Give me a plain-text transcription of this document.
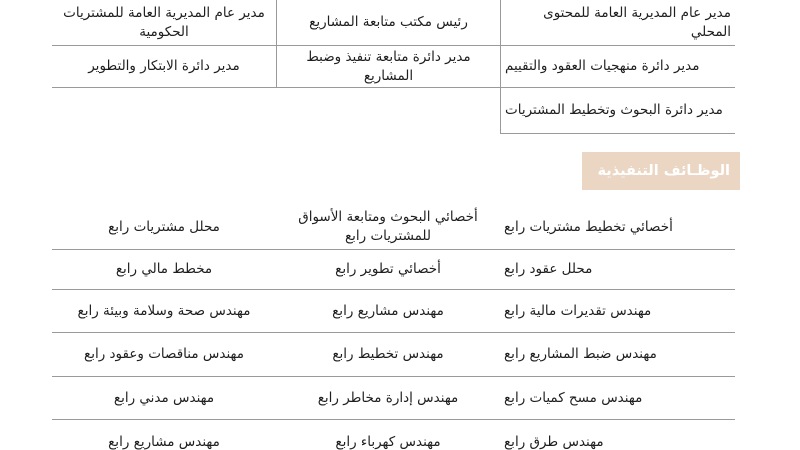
مدير عام المديرية العامة للمحتوى المحلي
رئيس مكتب متابعة المشاريع
مدير عام المديرية العامة للمشتريات الحكومية
مدير دائرة منهجيات العقود والتقييم
مدير دائرة متابعة تنفيذ وضبط المشاريع
مدير دائرة الابتكار والتطوير
مدير دائرة البحوث وتخطيط المشتريات
الوظـائف التنفيذية
أخصائي تخطيط مشتريات رابع
أخصائي البحوث ومتابعة الأسواق للمشتريات رابع
محلل مشتريات رابع
محلل عقود رابع
أخصائي تطوير رابع
مخطط مالي رابع
مهندس تقديرات مالية رابع
مهندس مشاريع رابع
مهندس صحة وسلامة وبيئة رابع
مهندس ضبط المشاريع رابع
مهندس تخطيط رابع
مهندس مناقصات وعقود رابع
مهندس مسح كميات رابع
مهندس إدارة مخاطر رابع
مهندس مدني رابع
مهندس طرق رابع
مهندس كهرباء رابع
مهندس مشاريع رابع
